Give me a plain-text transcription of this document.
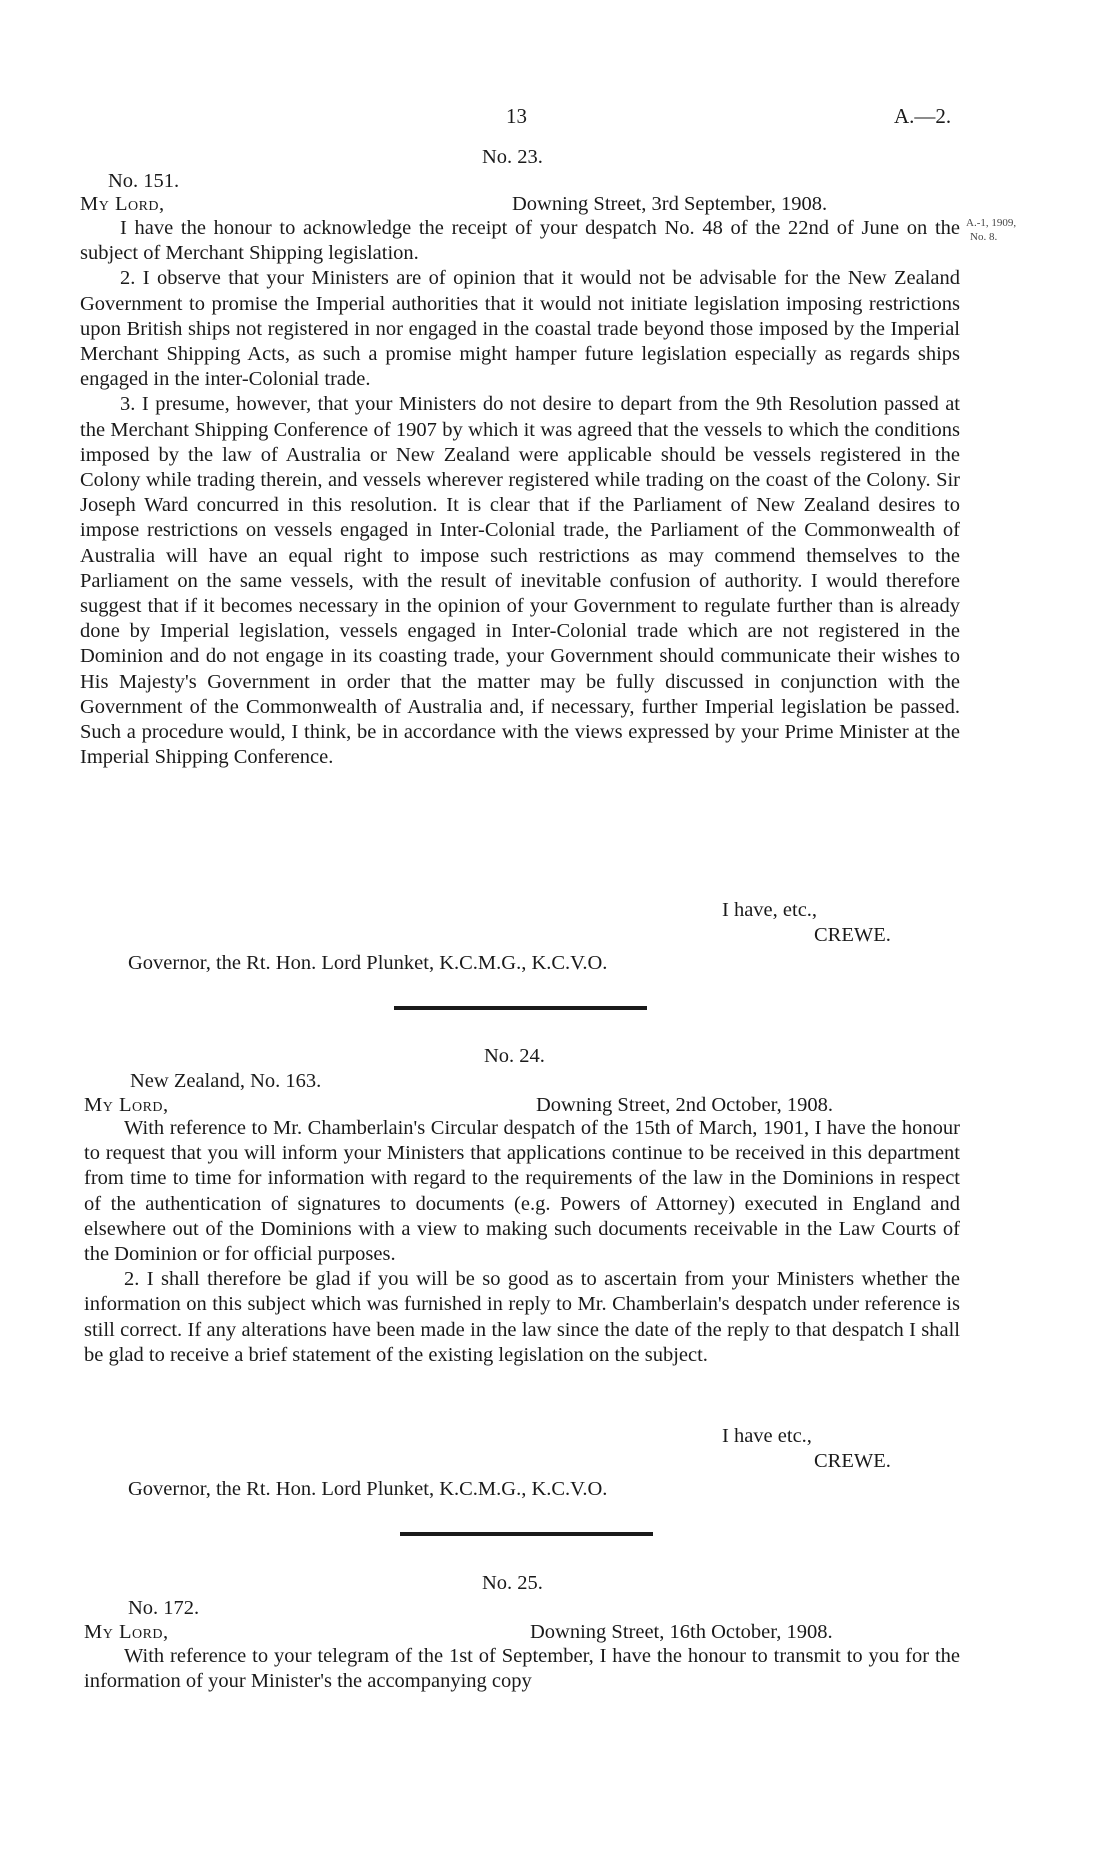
13	A.—2.
No. 23.
No. 151.
My Lord,	Downing Street, 3rd September, 1908.
A.-1, 1909,
No. 8.

I have the honour to acknowledge the receipt of your despatch No. 48 of the 22nd of June on the subject of Merchant Shipping legislation.

2. I observe that your Ministers are of opinion that it would not be advisable for the New Zealand Government to promise the Imperial authorities that it would not initiate legislation imposing restrictions upon British ships not registered in nor engaged in the coastal trade beyond those imposed by the Imperial Merchant Shipping Acts, as such a promise might hamper future legislation especially as regards ships engaged in the inter-Colonial trade.

3. I presume, however, that your Ministers do not desire to depart from the 9th Resolution passed at the Merchant Shipping Conference of 1907 by which it was agreed that the vessels to which the conditions imposed by the law of Australia or New Zealand were applicable should be vessels registered in the Colony while trading therein, and vessels wherever registered while trading on the coast of the Colony. Sir Joseph Ward concurred in this resolution. It is clear that if the Parliament of New Zealand desires to impose restrictions on vessels engaged in Inter-Colonial trade, the Parliament of the Commonwealth of Australia will have an equal right to impose such restrictions as may commend themselves to the Parliament on the same vessels, with the result of inevitable confusion of authority. I would therefore suggest that if it becomes necessary in the opinion of your Government to regulate further than is already done by Imperial legislation, vessels engaged in Inter-Colonial trade which are not registered in the Dominion and do not engage in its coasting trade, your Government should communicate their wishes to His Majesty's Government in order that the matter may be fully discussed in conjunction with the Government of the Commonwealth of Australia and, if necessary, further Imperial legislation be passed. Such a procedure would, I think, be in accordance with the views expressed by your Prime Minister at the Imperial Shipping Conference.

I have, etc.,
CREWE.
Governor, the Rt. Hon. Lord Plunket, K.C.M.G., K.C.V.O.
No. 24.
New Zealand, No. 163.
My Lord,	Downing Street, 2nd October, 1908.

With reference to Mr. Chamberlain's Circular despatch of the 15th of March, 1901, I have the honour to request that you will inform your Ministers that applications continue to be received in this department from time to time for information with regard to the requirements of the law in the Dominions in respect of the authentication of signatures to documents (e.g. Powers of Attorney) executed in England and elsewhere out of the Dominions with a view to making such documents receivable in the Law Courts of the Dominion or for official purposes.

2. I shall therefore be glad if you will be so good as to ascertain from your Ministers whether the information on this subject which was furnished in reply to Mr. Chamberlain's despatch under reference is still correct. If any alterations have been made in the law since the date of the reply to that despatch I shall be glad to receive a brief statement of the existing legislation on the subject.

I have etc.,
CREWE.
Governor, the Rt. Hon. Lord Plunket, K.C.M.G., K.C.V.O.
No. 25.
No. 172.
My Lord,	Downing Street, 16th October, 1908.

With reference to your telegram of the 1st of September, I have the honour to transmit to you for the information of your Minister's the accompanying copy
